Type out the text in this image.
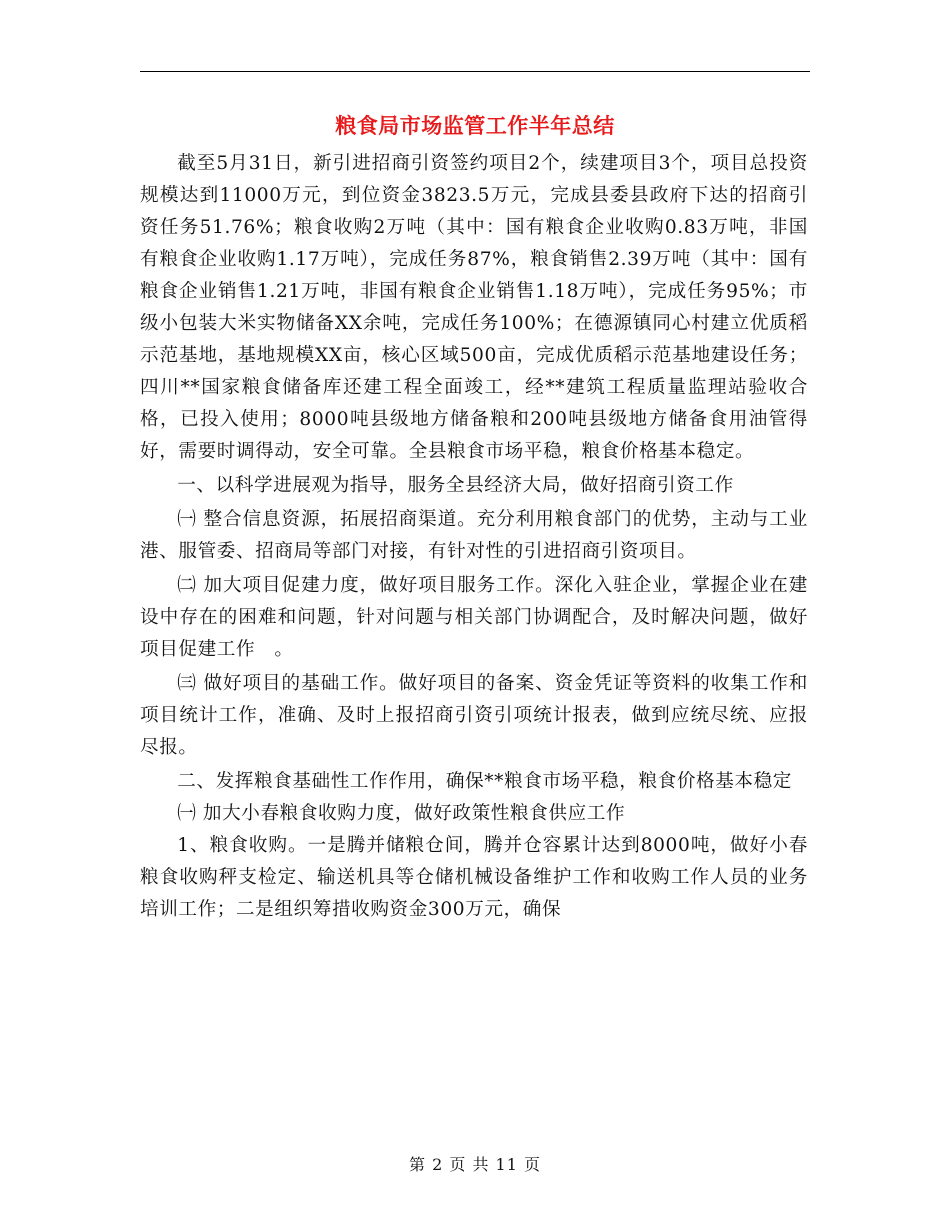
粮食局市场监管工作半年总结

截至5月31日，新引进招商引资签约项目2个，续建项目3个，项目总投资规模达到11000万元，到位资金3823.5万元，完成县委县政府下达的招商引资任务51.76%；粮食收购2万吨（其中：国有粮食企业收购0.83万吨，非国有粮食企业收购1.17万吨），完成任务87%，粮食销售2.39万吨（其中：国有粮食企业销售1.21万吨，非国有粮食企业销售1.18万吨），完成任务95%；市级小包装大米实物储备XX余吨，完成任务100%；在德源镇同心村建立优质稻示范基地，基地规模XX亩，核心区域500亩，完成优质稻示范基地建设任务；四川**国家粮食储备库还建工程全面竣工，经**建筑工程质量监理站验收合格，已投入使用；8000吨县级地方储备粮和200吨县级地方储备食用油管得好，需要时调得动，安全可靠。全县粮食市场平稳，粮食价格基本稳定。

一、以科学进展观为指导，服务全县经济大局，做好招商引资工作

㈠ 整合信息资源，拓展招商渠道。充分利用粮食部门的优势，主动与工业港、服管委、招商局等部门对接，有针对性的引进招商引资项目。

㈡ 加大项目促建力度，做好项目服务工作。深化入驻企业，掌握企业在建设中存在的困难和问题，针对问题与相关部门协调配合，及时解决问题，做好项目促建工作　。

㈢ 做好项目的基础工作。做好项目的备案、资金凭证等资料的收集工作和项目统计工作，准确、及时上报招商引资引项统计报表，做到应统尽统、应报尽报。

二、发挥粮食基础性工作作用，确保**粮食市场平稳，粮食价格基本稳定

㈠ 加大小春粮食收购力度，做好政策性粮食供应工作

1、粮食收购。一是腾并储粮仓间，腾并仓容累计达到8000吨，做好小春粮食收购秤支检定、输送机具等仓储机械设备维护工作和收购工作人员的业务培训工作；二是组织筹措收购资金300万元，确保

第 2 页 共 11 页
